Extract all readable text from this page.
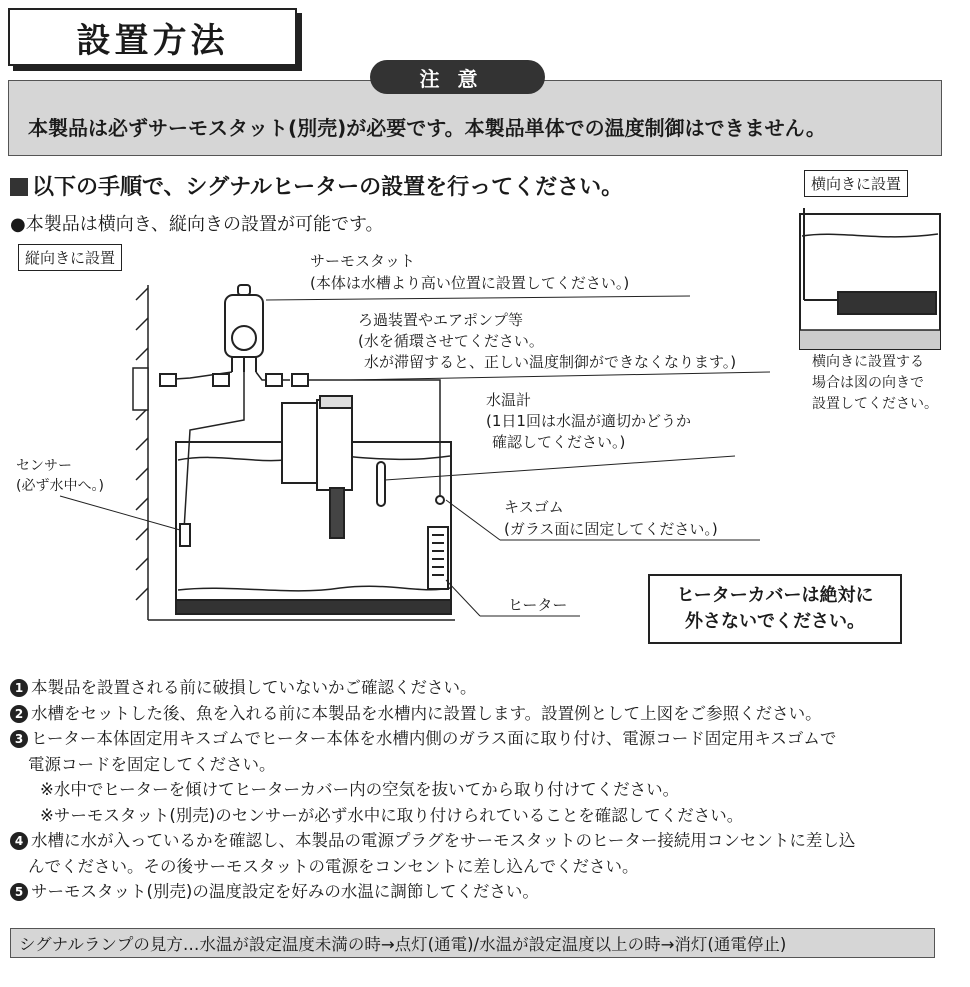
設置方法
注意
本製品は必ずサーモスタット(別売)が必要です。本製品単体での温度制御はできません。
以下の手順で、シグナルヒーターの設置を行ってください。
●本製品は横向き、縦向きの設置が可能です。
縦向きに設置
横向きに設置
横向きに設置する
場合は図の向きで
設置してください。
サーモスタット
(本体は水槽より高い位置に設置してください。)
ろ過装置やエアポンプ等
(水を循環させてください。
水が滞留すると、正しい温度制御ができなくなります。)
水温計
(1日1回は水温が適切かどうか
確認してください。)
センサー
(必ず水中へ。)
キスゴム
(ガラス面に固定してください。)
ヒーター	ヒーターカバーは絶対に
外さないでください。
1 本製品を設置される前に破損していないかご確認ください。
2 水槽をセットした後、魚を入れる前に本製品を水槽内に設置します。設置例として上図をご参照ください。
3 ヒーター本体固定用キスゴムでヒーター本体を水槽内側のガラス面に取り付け、電源コード固定用キスゴムで
電源コードを固定してください。
※水中でヒーターを傾けてヒーターカバー内の空気を抜いてから取り付けてください。
※サーモスタット(別売)のセンサーが必ず水中に取り付けられていることを確認してください。
4 水槽に水が入っているかを確認し、本製品の電源プラグをサーモスタットのヒーター接続用コンセントに差し込
んでください。その後サーモスタットの電源をコンセントに差し込んでください。
5 サーモスタット(別売)の温度設定を好みの水温に調節してください。
シグナルランプの見方…水温が設定温度未満の時→点灯(通電)/水温が設定温度以上の時→消灯(通電停止)
